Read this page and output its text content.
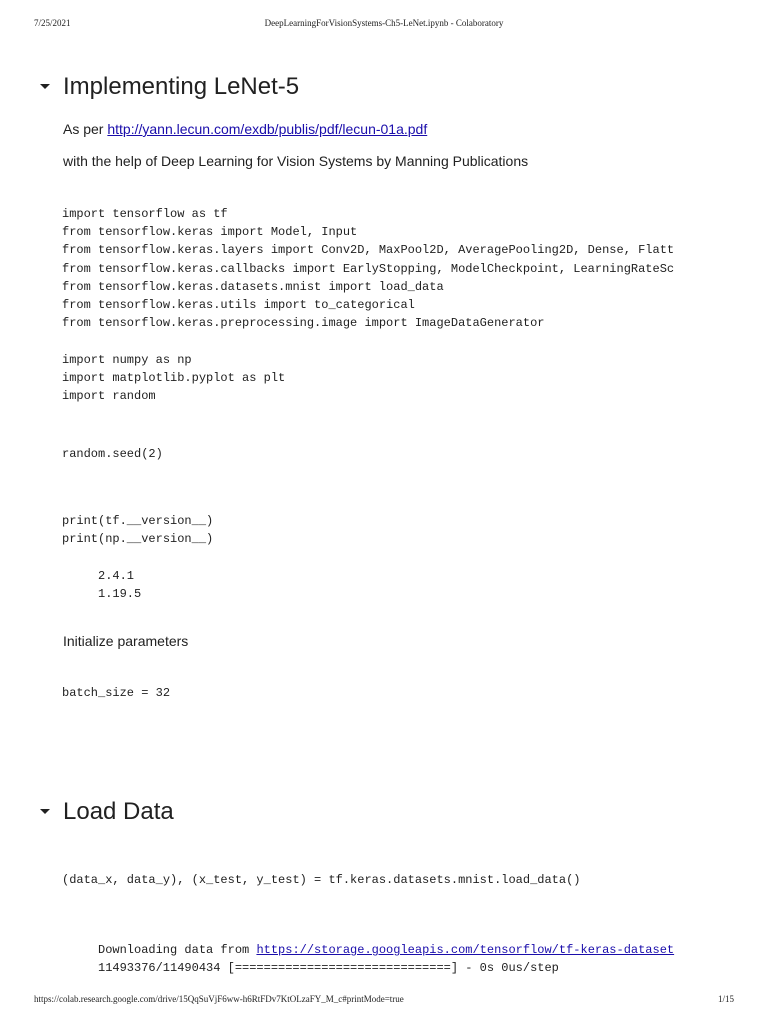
7/25/2021	DeepLearningForVisionSystems-Ch5-LeNet.ipynb - Colaboratory
Implementing LeNet-5
As per http://yann.lecun.com/exdb/publis/pdf/lecun-01a.pdf
with the help of Deep Learning for Vision Systems by Manning Publications
import tensorflow as tf
from tensorflow.keras import Model, Input
from tensorflow.keras.layers import Conv2D, MaxPool2D, AveragePooling2D, Dense, Flatt
from tensorflow.keras.callbacks import EarlyStopping, ModelCheckpoint, LearningRateSc
from tensorflow.keras.datasets.mnist import load_data
from tensorflow.keras.utils import to_categorical
from tensorflow.keras.preprocessing.image import ImageDataGenerator
import numpy as np
import matplotlib.pyplot as plt
import random
random.seed(2)
print(tf.__version__)
print(np.__version__)
2.4.1
1.19.5
Initialize parameters
batch_size = 32
Load Data
(data_x, data_y), (x_test, y_test) = tf.keras.datasets.mnist.load_data()
Downloading data from https://storage.googleapis.com/tensorflow/tf-keras-dataset
11493376/11490434 [==============================] - 0s 0us/step
https://colab.research.google.com/drive/15QqSuVjF6ww-h6RtFDv7KtOLzaFY_M_c#printMode=true	1/15
